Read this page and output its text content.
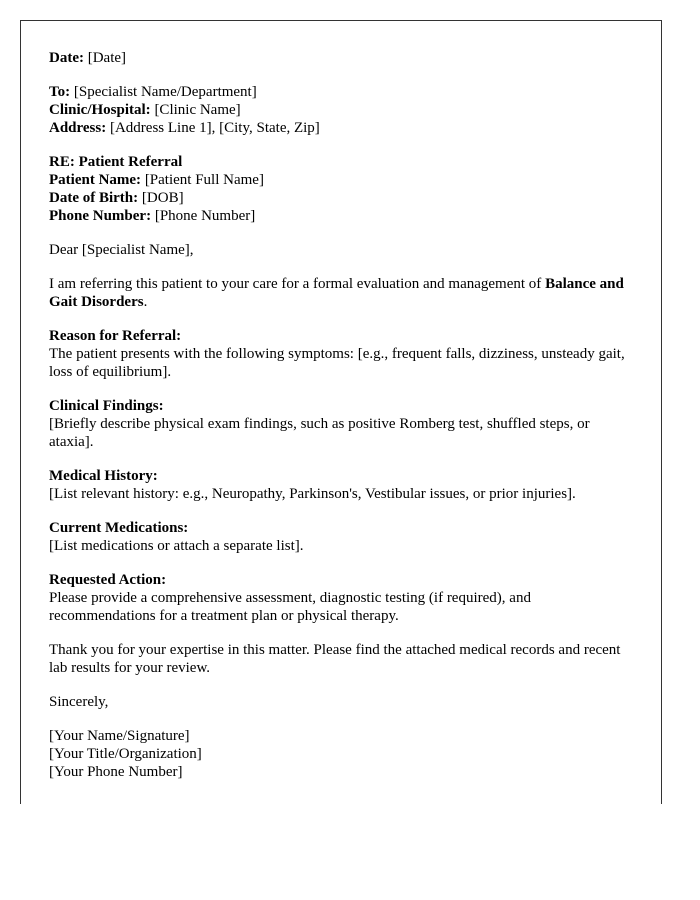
Date: [Date]

To: [Specialist Name/Department]
Clinic/Hospital: [Clinic Name]
Address: [Address Line 1], [City, State, Zip]

RE: Patient Referral
Patient Name: [Patient Full Name]
Date of Birth: [DOB]
Phone Number: [Phone Number]

Dear [Specialist Name],

I am referring this patient to your care for a formal evaluation and management of Balance and Gait Disorders.

Reason for Referral:
The patient presents with the following symptoms: [e.g., frequent falls, dizziness, unsteady gait, loss of equilibrium].

Clinical Findings:
[Briefly describe physical exam findings, such as positive Romberg test, shuffled steps, or ataxia].

Medical History:
[List relevant history: e.g., Neuropathy, Parkinson's, Vestibular issues, or prior injuries].

Current Medications:
[List medications or attach a separate list].

Requested Action:
Please provide a comprehensive assessment, diagnostic testing (if required), and recommendations for a treatment plan or physical therapy.

Thank you for your expertise in this matter. Please find the attached medical records and recent lab results for your review.

Sincerely,

[Your Name/Signature]
[Your Title/Organization]
[Your Phone Number]
